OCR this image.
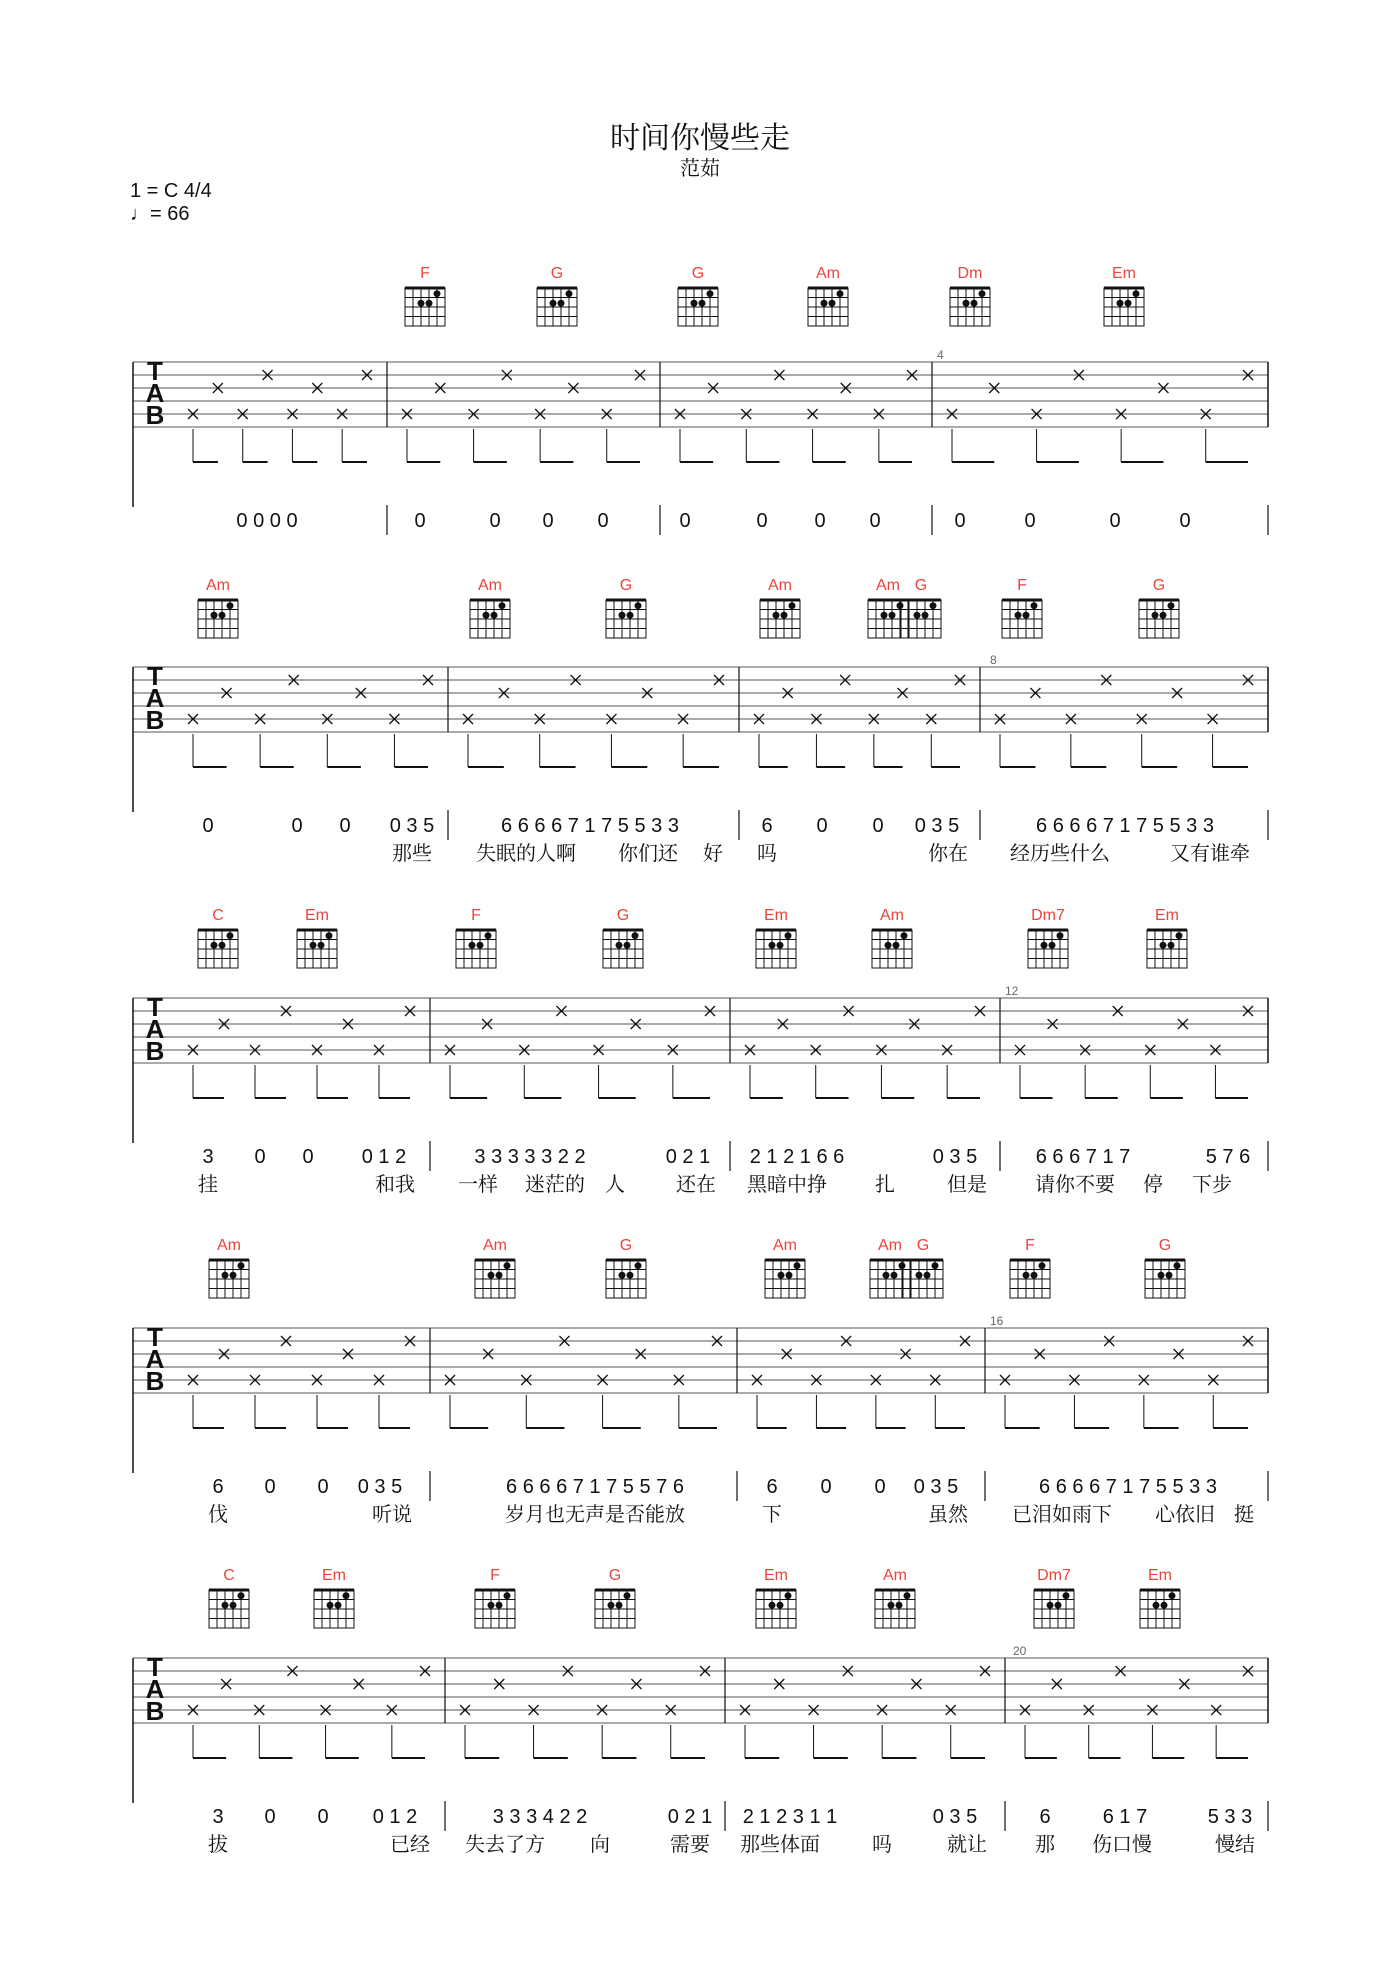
时间你慢些走
范茹
1 = C 4/4
♩= 66
F	G	G	Am	Dm	Em
T
A
B
4
0 0 0 0	0	0 0 0	0	0 0 0	0	0	0	0
Am	Am	G	Am	Am G	F	G
T
A
B
8
0	0 0 0 3 5	6 6 6 6 7 1 7 5 5 3 3	6 0 0 0 3 5	6 6 6 6 7 1 7 5 5 3 3
那些 失眠的人啊 你们还 好 吗	你在 经历些什么	又有谁 牵
C	Em	F	G	Em	Am	Dm7	Em
T
A
B
12
3 0 0 0 1 2	3 3 3 3 3 2 2	0 2 1 2 1 2 1 6 6	0 3 5	6 6 6 7 1 7	5 7 6
挂	和我 一样 迷茫的 人	还在 黑暗中挣 扎	但是 请你不要 停 下步
Am	Am	G	Am	Am G	F	G
T
A
B
16
6 0 0 0 3 5	6 6 6 6 7 1 7 5 5 7 6	6 0 0 0 3 5	6 6 6 6 7 1 7 5 5 3 3
伐	听说	岁月也无声是否能放	下	虽然 已泪如雨下 心依旧 挺
C	Em	F	G	Em	Am	Dm7	Em
T
A
B
20
3 0 0 0 1 2	3 3 3 4 2 2	0 2 1 2 1 2 3 1 1	0 3 5	6	6 1 7	5 3 3
拔	已经 失去了方 向	需要 那些体面	吗	就让 那 伤口慢	慢结
